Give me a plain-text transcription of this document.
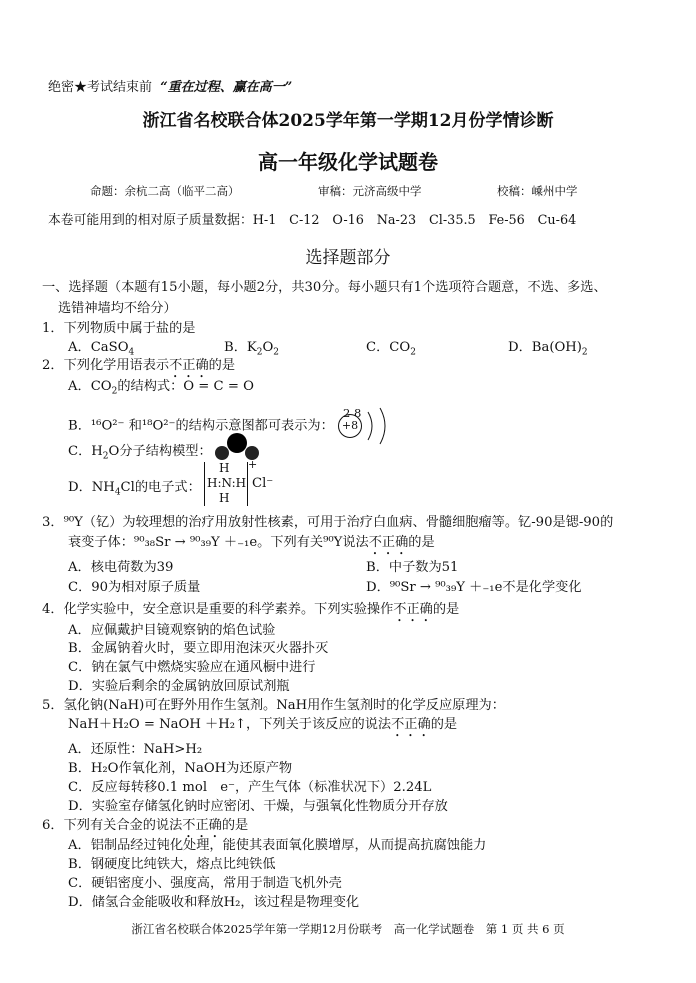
绝密★考试结束前 “重在过程、赢在高一”
浙江省名校联合体2025学年第一学期12月份学情诊断
高一年级化学试题卷
命题：余杭二高（临平二高）	审稿：元济高级中学	校稿：嵊州中学
本卷可能用到的相对原子质量数据：H-1　C-12　O-16　Na-23　Cl-35.5　Fe-56　Cu-64
选择题部分
一、选择题（本题有15小题，每小题2分，共30分。每小题只有1个选项符合题意，不选、多选、
选错神墙均不给分）
1．下列物质中属于盐的是
A．CaSO$_4$	B．$K_2O_2$	C．$CO_2$	D．$Ba(OH)_2$
2．下列化学用语表示不正确的是
A．$CO_2$的结构式：O = C = O
B．¹⁶O²⁻ 和¹⁸O²⁻的结构示意图都可表示为： +8
2 8
C．$H_2O$分子结构模型：
D．$NH_4Cl$的电子式：
H
H:N:H
H
+
Cl⁻
3．⁹⁰Y（钇）为较理想的治疗用放射性核素，可用于治疗白血病、骨髓细胞瘤等。钇-90是锶-90的
衰变子体：⁹⁰₃₈Sr → ⁹⁰₃₉Y ＋₋₁e。下列有关⁹⁰Y说法不正确的是
A．核电荷数为39	B．中子数为51
C．90为相对原子质量	D．⁹⁰Sr → ⁹⁰₃₉Y ＋₋₁e不是化学变化
4．化学实验中，安全意识是重要的科学素养。下列实验操作不正确的是
A．应佩戴护目镜观察钠的焰色试验
B．金属钠着火时，要立即用泡沫灭火器扑灭
C．钠在氯气中燃烧实验应在通风橱中进行
D．实验后剩余的金属钠放回原试剂瓶
5．氢化钠(NaH)可在野外用作生氢剂。NaH用作生氢剂时的化学反应原理为：
NaH＋H₂O = NaOH ＋H₂↑，下列关于该反应的说法不正确的是
A．还原性：NaH>H₂
B．H₂O作氧化剂，NaOH为还原产物
C．反应每转移0.1 mol　e⁻，产生气体（标准状况下）2.24L
D．实验室存储氢化钠时应密闭、干燥，与强氧化性物质分开存放
6．下列有关合金的说法不正确的是
A．铝制品经过钝化处理，能使其表面氧化膜增厚，从而提高抗腐蚀能力
B．钢硬度比纯铁大，熔点比纯铁低
C．硬铝密度小、强度高，常用于制造飞机外壳
D．储氢合金能吸收和释放H₂，该过程是物理变化
浙江省名校联合体2025学年第一学期12月份联考　高一化学试题卷　第 1 页 共 6 页
